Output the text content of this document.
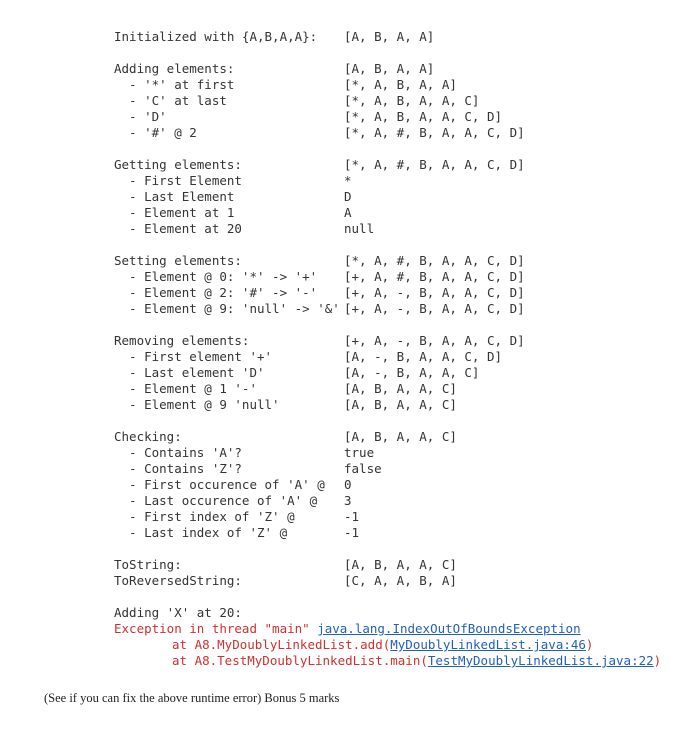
Initialized with {A,B,A,A}: [A, B, A, A]
Adding elements:	[A, B, A, A]
- '*' at first	[*, A, B, A, A]
- 'C' at last	[*, A, B, A, A, C]
- 'D'	[*, A, B, A, A, C, D]
- '#' @ 2	[*, A, #, B, A, A, C, D]
Getting elements:	[*, A, #, B, A, A, C, D]
- First Element	*
- Last Element	D
- Element at 1	A
- Element at 20	null
Setting elements:	[*, A, #, B, A, A, C, D]
- Element @ 0: '*' -> '+' [+, A, #, B, A, A, C, D]
- Element @ 2: '#' -> '-' [+, A, -, B, A, A, C, D]
- Element @ 9: 'null' -> '&' [+, A, -, B, A, A, C, D]
Removing elements:	[+, A, -, B, A, A, C, D]
- First element '+'	[A, -, B, A, A, C, D]
- Last element 'D'	[A, -, B, A, A, C]
- Element @ 1 '-'	[A, B, A, A, C]
- Element @ 9 'null'	[A, B, A, A, C]
Checking:	[A, B, A, A, C]
- Contains 'A'?	true
- Contains 'Z'?	false
- First occurence of 'A' @ 0
- Last occurence of 'A' @ 3
- First index of 'Z' @	-1
- Last index of 'Z' @	-1
ToString:	[A, B, A, A, C]
ToReversedString:	[C, A, A, B, A]
Adding 'X' at 20:
Exception in thread "main" java.lang.IndexOutOfBoundsException
at A8.MyDoublyLinkedList.add(MyDoublyLinkedList.java:46)
at A8.TestMyDoublyLinkedList.main(TestMyDoublyLinkedList.java:22)
(See if you can fix the above runtime error) Bonus 5 marks
